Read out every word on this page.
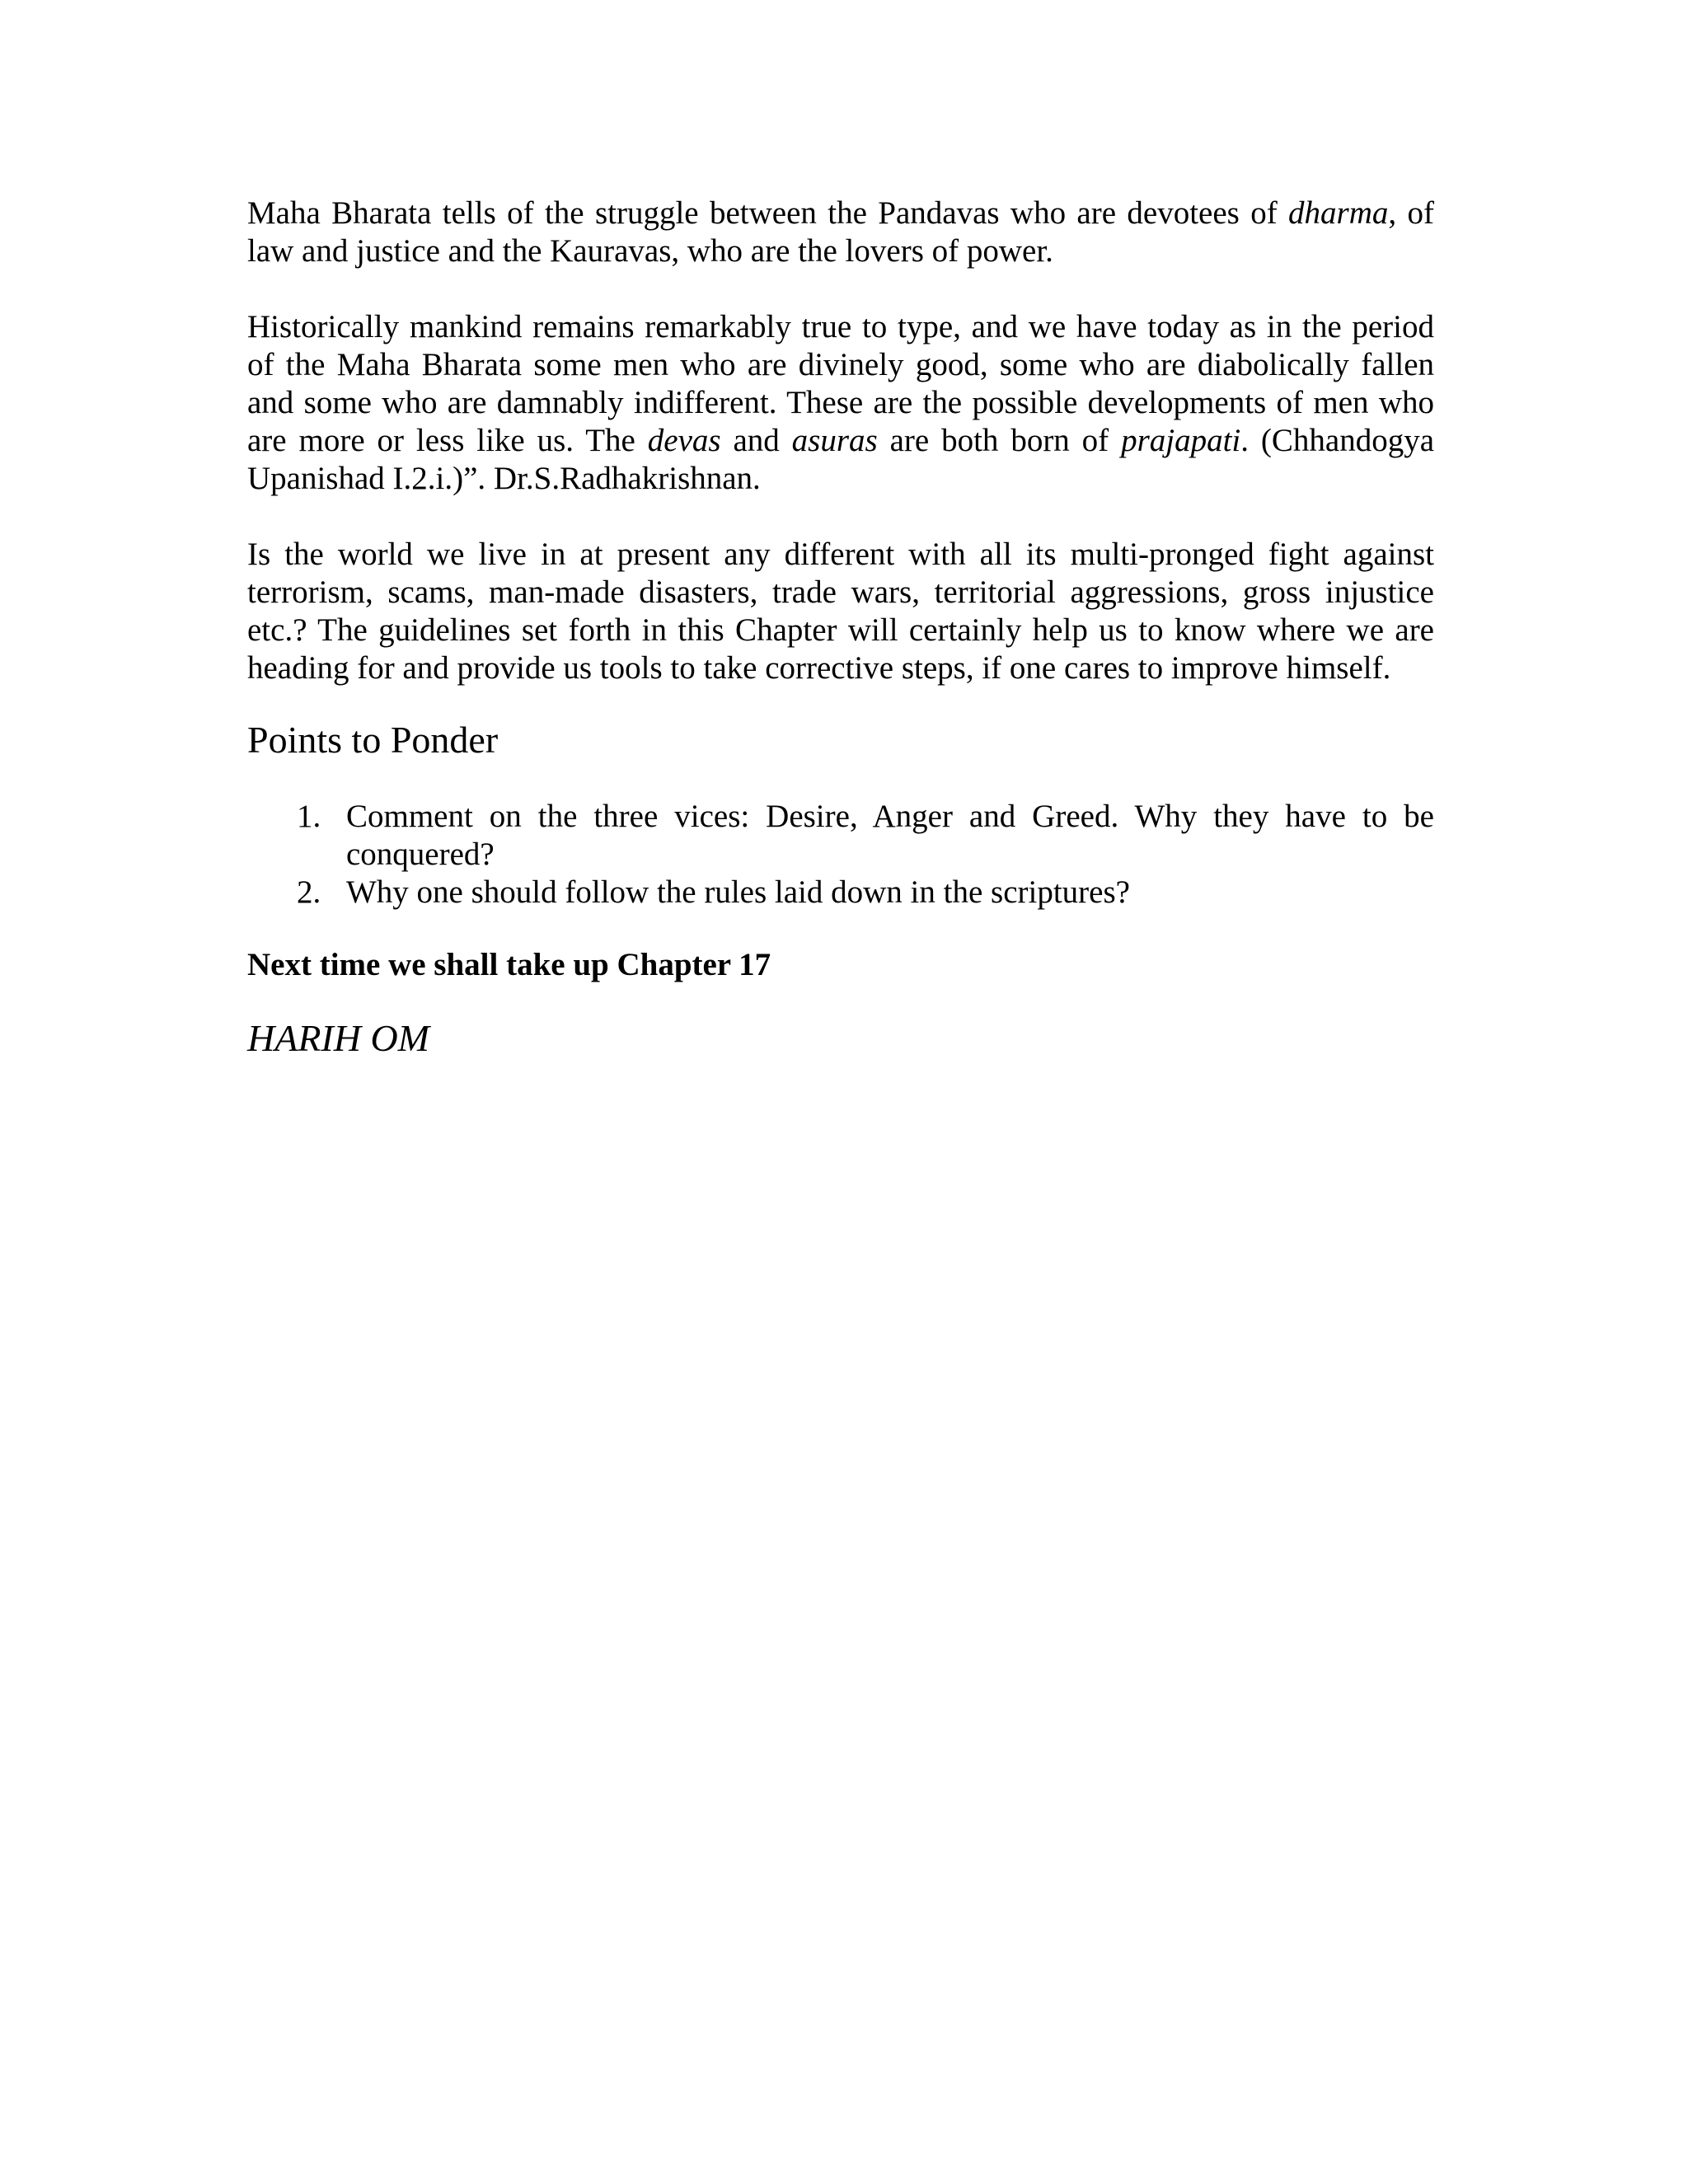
Maha Bharata tells of the struggle between the Pandavas who are devotees of dharma, of law and justice and the Kauravas, who are the lovers of power.

Historically mankind remains remarkably true to type, and we have today as in the period of the Maha Bharata some men who are divinely good, some who are diabolically fallen and some who are damnably indifferent. These are the possible developments of men who are more or less like us. The devas and asuras are both born of prajapati. (Chhandogya Upanishad I.2.i.)”. Dr.S.Radhakrishnan.

Is the world we live in at present any different with all its multi-pronged fight against terrorism, scams, man-made disasters, trade wars, territorial aggressions, gross injustice etc.? The guidelines set forth in this Chapter will certainly help us to know where we are heading for and provide us tools to take corrective steps, if one cares to improve himself.

Points to Ponder
1. Comment on the three vices: Desire, Anger and Greed. Why they have to be conquered?
2. Why one should follow the rules laid down in the scriptures?

Next time we shall take up Chapter 17

HARIH OM
